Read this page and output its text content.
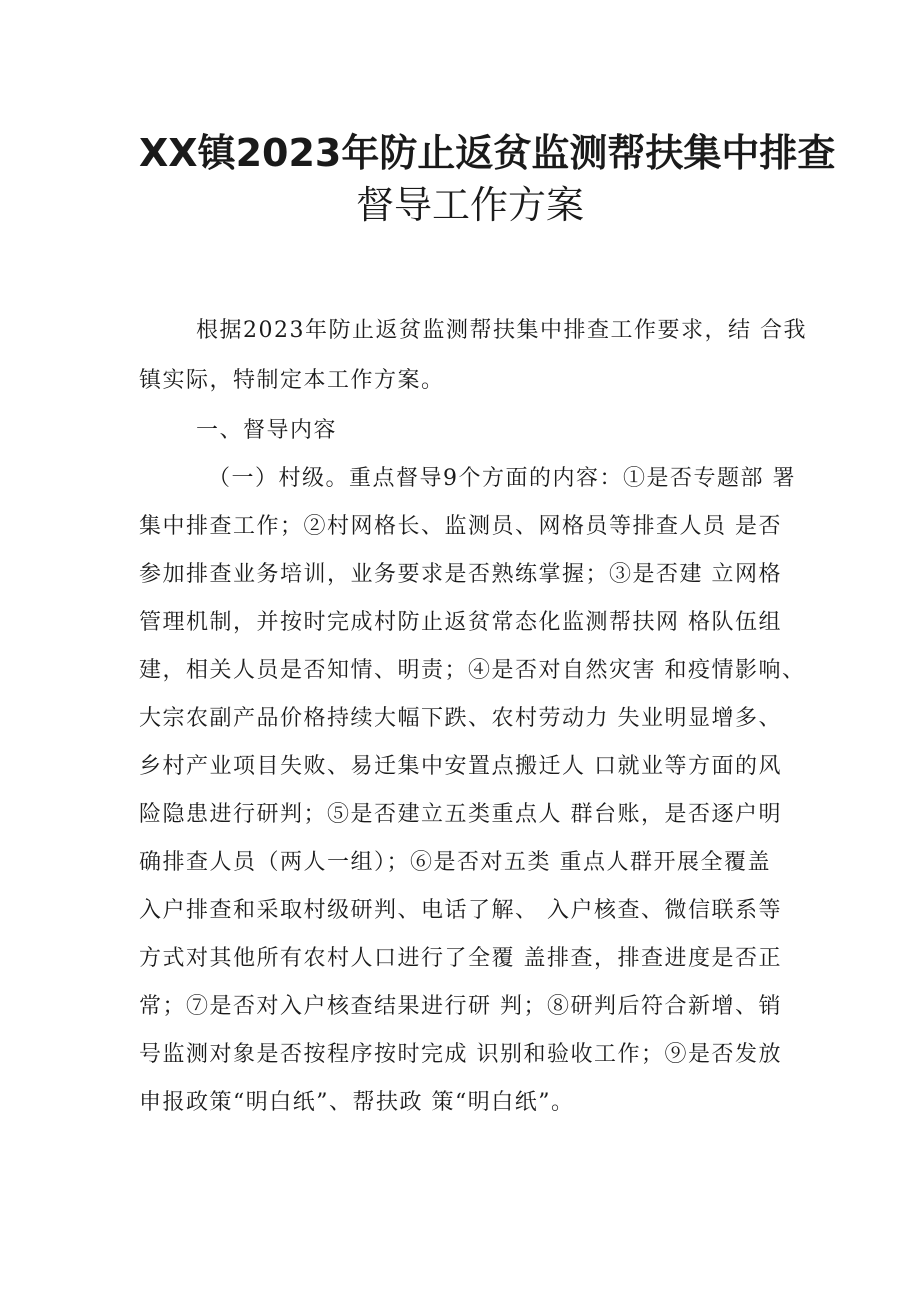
XX镇2023年防止返贫监测帮扶集中排查
督导工作方案
根据2023年防止返贫监测帮扶集中排查工作要求，结 合我
镇实际，特制定本工作方案。
一、督导内容
（一）村级。重点督导9个方面的内容：①是否专题部 署
集中排查工作；②村网格长、监测员、网格员等排查人员 是否
参加排查业务培训，业务要求是否熟练掌握；③是否建 立网格
管理机制，并按时完成村防止返贫常态化监测帮扶网 格队伍组
建，相关人员是否知情、明责；④是否对自然灾害 和疫情影响、
大宗农副产品价格持续大幅下跌、农村劳动力 失业明显增多、
乡村产业项目失败、易迁集中安置点搬迁人 口就业等方面的风
险隐患进行研判；⑤是否建立五类重点人 群台账，是否逐户明
确排查人员（两人一组）；⑥是否对五类 重点人群开展全覆盖
入户排查和采取村级研判、电话了解、 入户核查、微信联系等
方式对其他所有农村人口进行了全覆 盖排查，排查进度是否正
常；⑦是否对入户核查结果进行研 判；⑧研判后符合新增、销
号监测对象是否按程序按时完成 识别和验收工作；⑨是否发放
申报政策“明白纸”、帮扶政 策“明白纸”。
